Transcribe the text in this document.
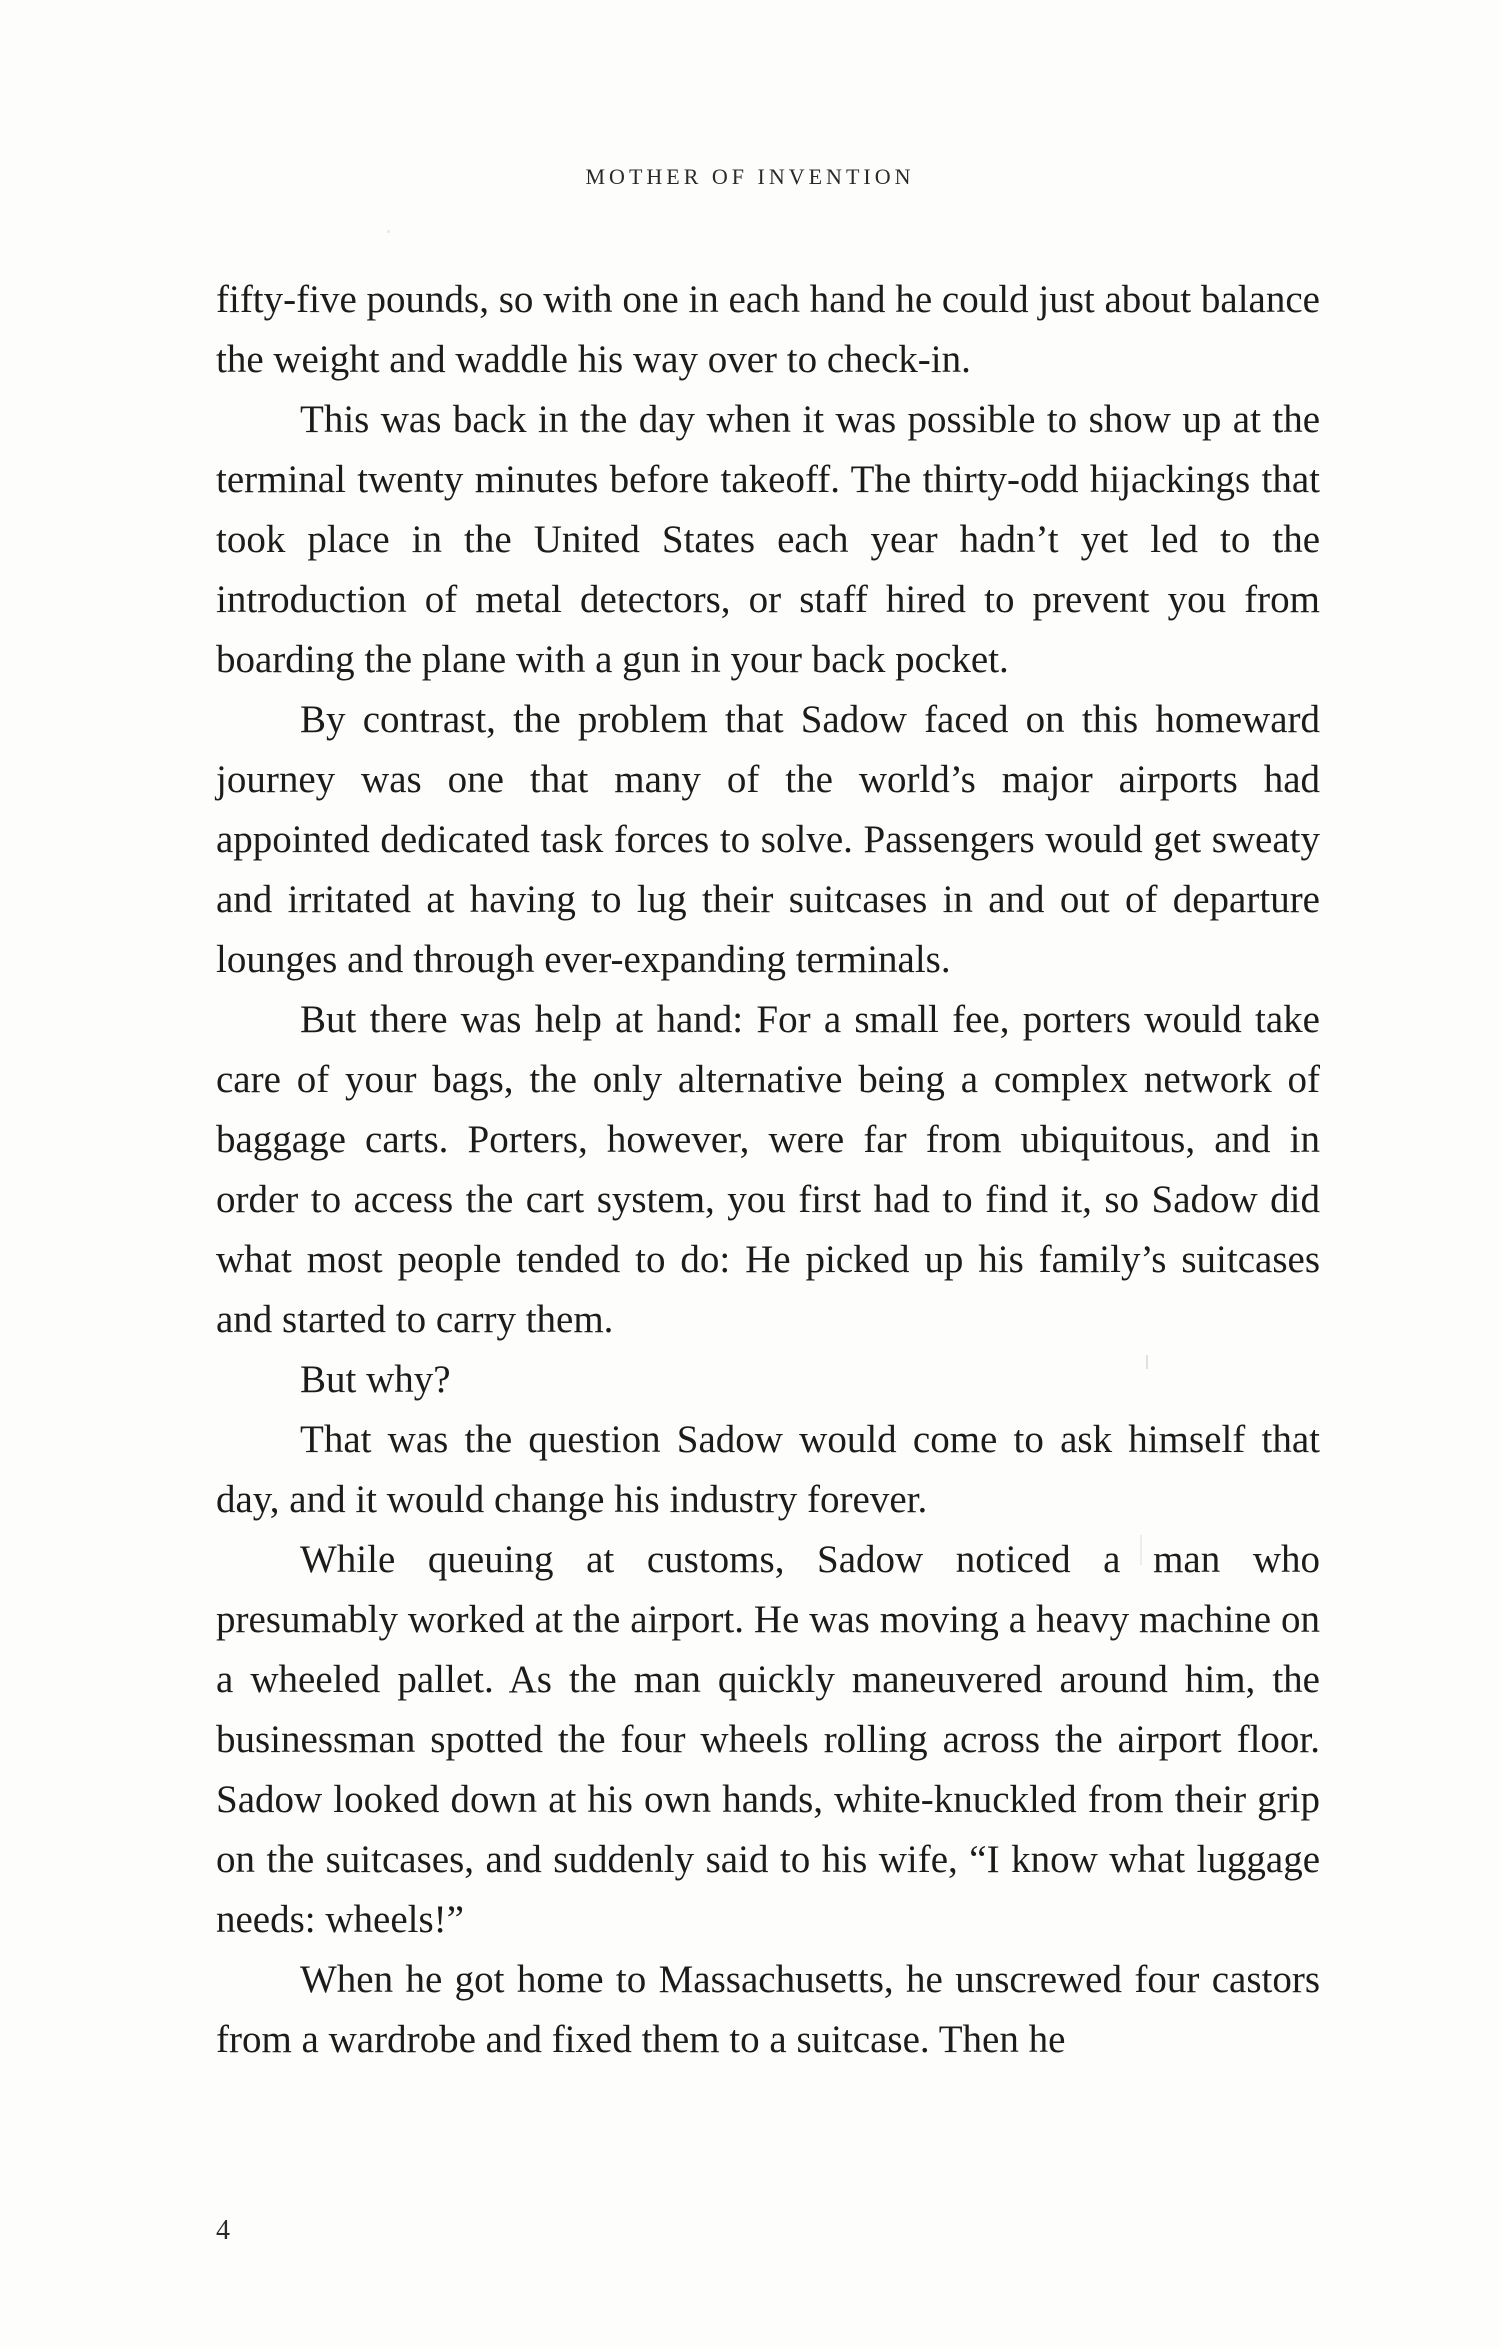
MOTHER OF INVENTION

fifty-five pounds, so with one in each hand he could just about balance the weight and waddle his way over to check-in.

This was back in the day when it was possible to show up at the terminal twenty minutes before takeoff. The thirty-odd hijackings that took place in the United States each year hadn’t yet led to the introduction of metal detectors, or staff hired to prevent you from boarding the plane with a gun in your back pocket.

By contrast, the problem that Sadow faced on this homeward journey was one that many of the world’s major airports had appointed dedicated task forces to solve. Passengers would get sweaty and irritated at having to lug their suitcases in and out of departure lounges and through ever-expanding terminals.

But there was help at hand: For a small fee, porters would take care of your bags, the only alternative being a complex network of baggage carts. Porters, however, were far from ubiquitous, and in order to access the cart system, you first had to find it, so Sadow did what most people tended to do: He picked up his family’s suitcases and started to carry them.

But why?

That was the question Sadow would come to ask himself that day, and it would change his industry forever.

While queuing at customs, Sadow noticed a man who presumably worked at the airport. He was moving a heavy machine on a wheeled pallet. As the man quickly maneuvered around him, the businessman spotted the four wheels rolling across the airport floor. Sadow looked down at his own hands, white-knuckled from their grip on the suitcases, and suddenly said to his wife, “I know what luggage needs: wheels!”

When he got home to Massachusetts, he unscrewed four castors from a wardrobe and fixed them to a suitcase. Then he

4
